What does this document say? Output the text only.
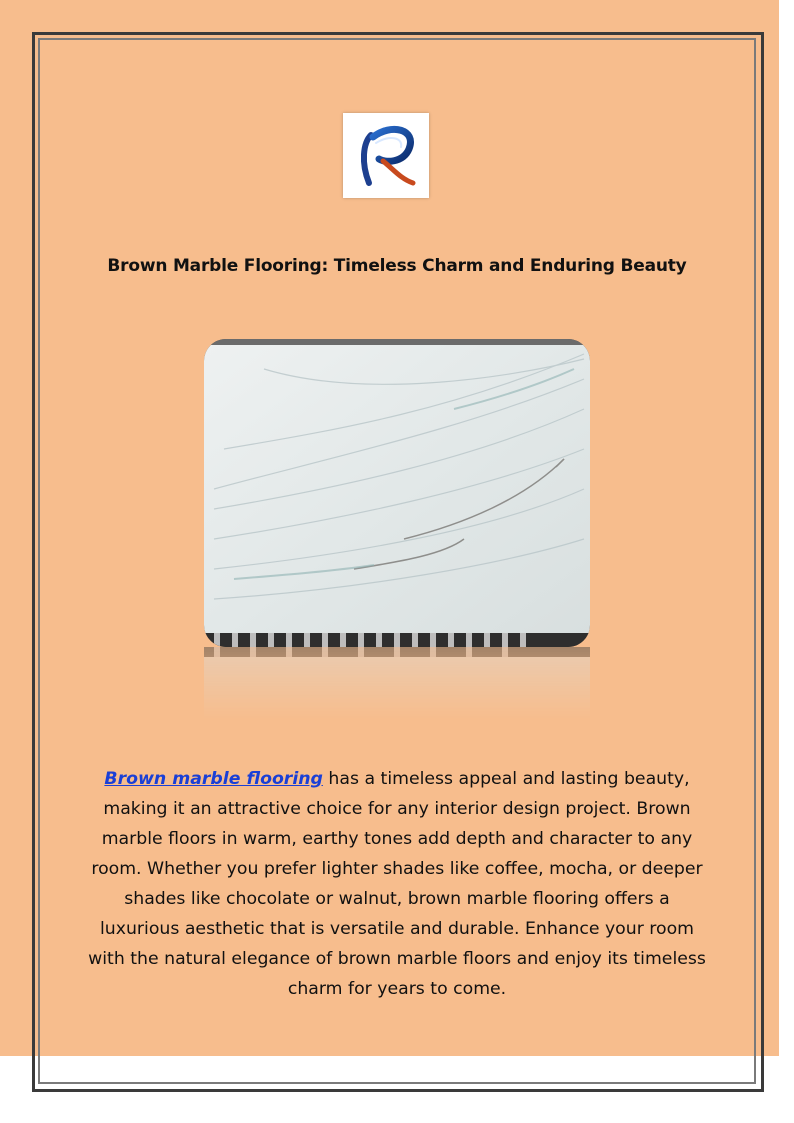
Brown Marble Flooring: Timeless Charm and Enduring Beauty
Brown marble flooring has a timeless appeal and lasting beauty, making it an attractive choice for any interior design project. Brown marble floors in warm, earthy tones add depth and character to any room. Whether you prefer lighter shades like coffee, mocha, or deeper shades like chocolate or walnut, brown marble flooring offers a luxurious aesthetic that is versatile and durable. Enhance your room with the natural elegance of brown marble floors and enjoy its timeless charm for years to come.
